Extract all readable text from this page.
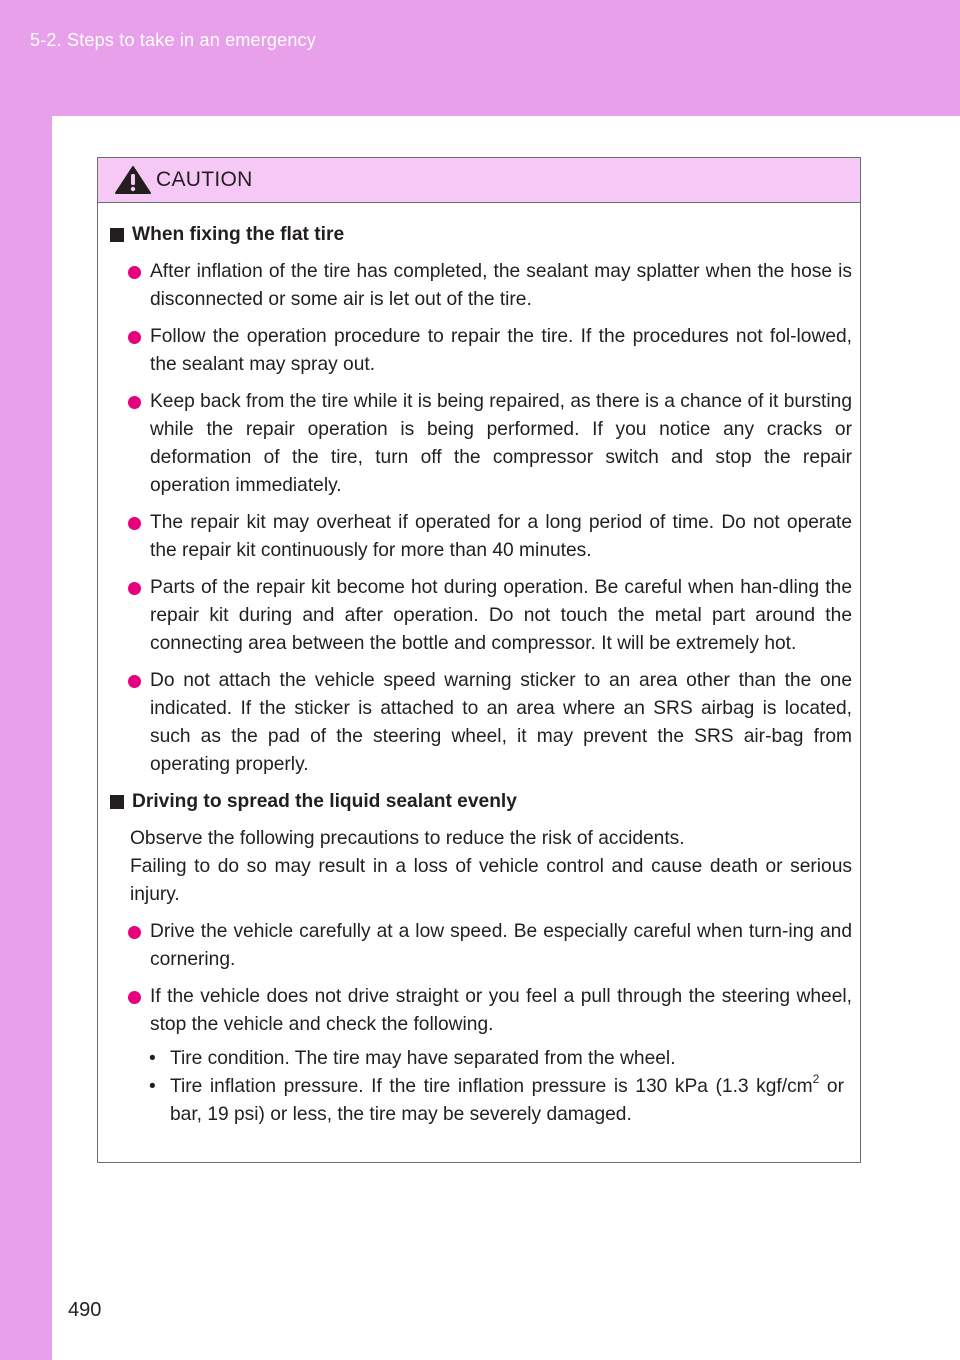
5-2. Steps to take in an emergency
CAUTION
When fixing the flat tire
After inflation of the tire has completed, the sealant may splatter when the hose is disconnected or some air is let out of the tire.
Follow the operation procedure to repair the tire. If the procedures not fol-lowed, the sealant may spray out.
Keep back from the tire while it is being repaired, as there is a chance of it bursting while the repair operation is being performed. If you notice any cracks or deformation of the tire, turn off the compressor switch and stop the repair operation immediately.
The repair kit may overheat if operated for a long period of time. Do not operate the repair kit continuously for more than 40 minutes.
Parts of the repair kit become hot during operation. Be careful when han-dling the repair kit during and after operation. Do not touch the metal part around the connecting area between the bottle and compressor. It will be extremely hot.
Do not attach the vehicle speed warning sticker to an area other than the one indicated. If the sticker is attached to an area where an SRS airbag is located, such as the pad of the steering wheel, it may prevent the SRS air-bag from operating properly.
Driving to spread the liquid sealant evenly

Observe the following precautions to reduce the risk of accidents.

Failing to do so may result in a loss of vehicle control and cause death or serious injury.

Drive the vehicle carefully at a low speed. Be especially careful when turn-ing and cornering.
If the vehicle does not drive straight or you feel a pull through the steering wheel, stop the vehicle and check the following.

• Tire condition. The tire may have separated from the wheel.

• Tire inflation pressure. If the tire inflation pressure is 130 kPa (1.3 kgf/$cm^2$ or bar, 19 psi) or less, the tire may be severely damaged.

490
